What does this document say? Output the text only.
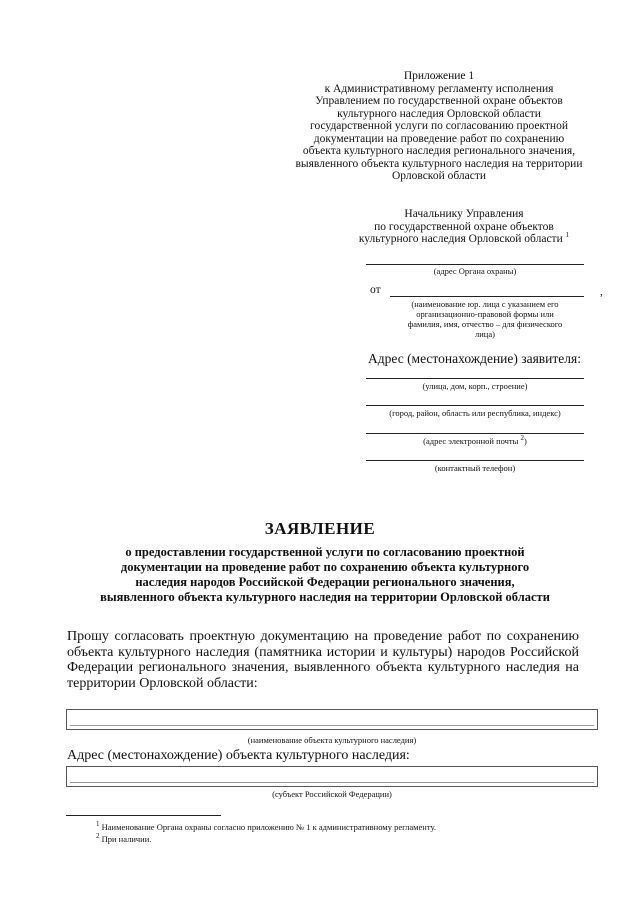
Приложение 1
к Административному регламенту исполнения
Управлением по государственной охране объектов
культурного наследия Орловской области
государственной услуги по согласованию проектной
документации на проведение работ по сохранению
объекта культурного наследия регионального значения,
выявленного объекта культурного наследия на территории
Орловской области
Начальнику Управления
по государственной охране объектов
культурного наследия Орловской области $^1$
(адрес Органа охраны)
от	,
(наименование юр. лица с указанием его
организационно-правовой формы или
фамилия, имя, отчество – для физического
лица)
Адрес (местонахождение) заявителя:
(улица, дом, корп., строение)
(город, район, область или республика, индекс)
(адрес электронной почты $^2$)
(контактный телефон)
ЗАЯВЛЕНИЕ
о предоставлении государственной услуги по согласованию проектной
документации на проведение работ по сохранению объекта культурного
наследия народов Российской Федерации регионального значения,
выявленного объекта культурного наследия на территории Орловской области
Прошу согласовать проектную документацию на проведение работ по сохранению объекта культурного наследия (памятника истории и культуры) народов Российской Федерации регионального значения, выявленного объекта культурного наследия на территории Орловской области:
(наименование объекта культурного наследия)
Адрес (местонахождение) объекта культурного наследия:
(субъект Российской Федерации)
$^1$ Наименование Органа охраны согласно приложению № 1 к административному регламенту.
$^2$ При наличии.
